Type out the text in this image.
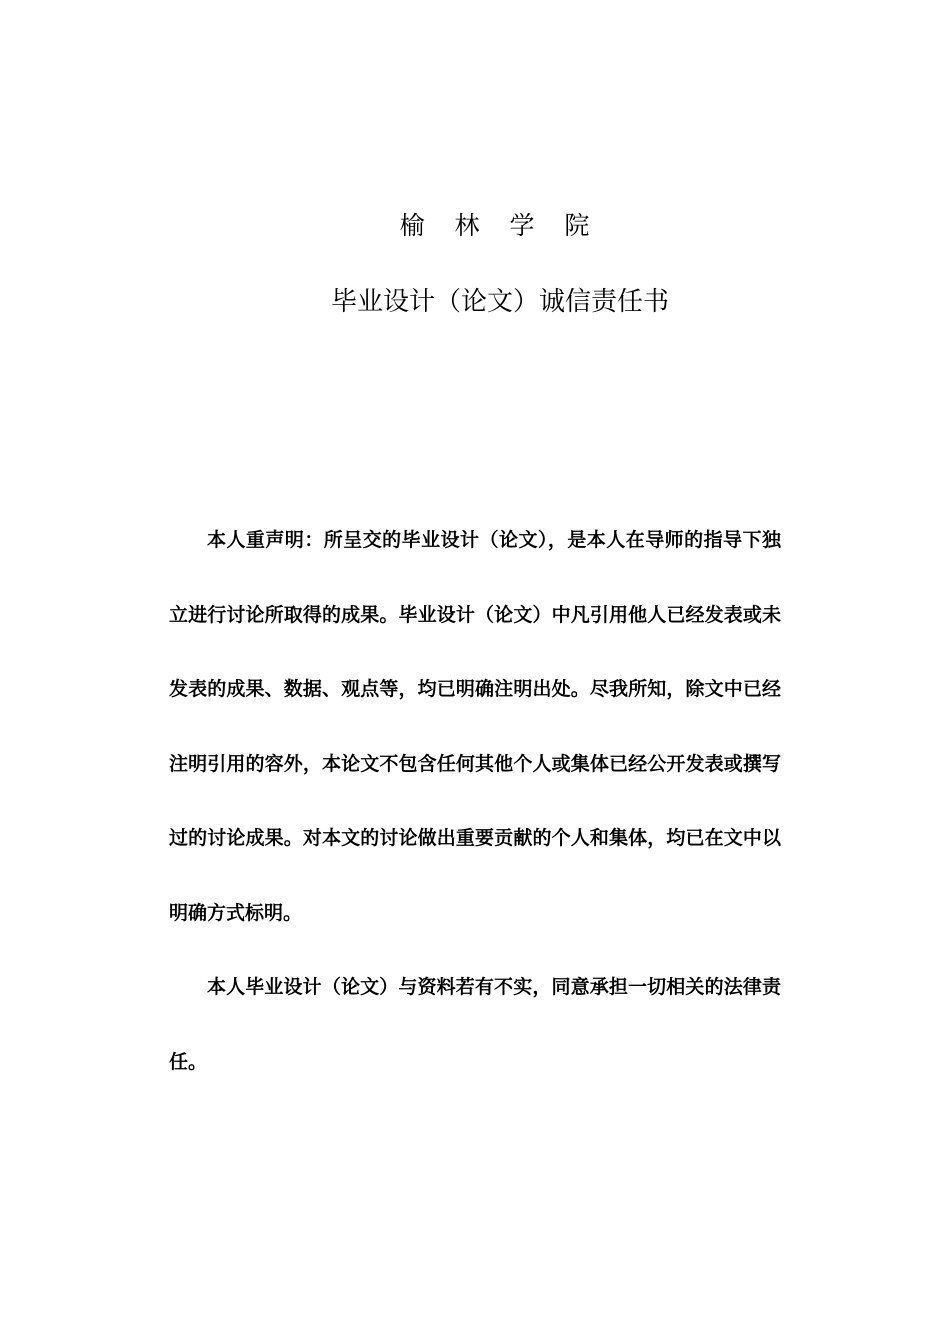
榆 林 学 院
毕业设计（论文）诚信责任书

本人重声明：所呈交的毕业设计（论文），是本人在导师的指导下独立进行讨论所取得的成果。毕业设计（论文）中凡引用他人已经发表或未发表的成果、数据、观点等，均已明确注明出处。尽我所知，除文中已经注明引用的容外，本论文不包含任何其他个人或集体已经公开发表或撰写过的讨论成果。对本文的讨论做出重要贡献的个人和集体，均已在文中以明确方式标明。

本人毕业设计（论文）与资料若有不实，同意承担一切相关的法律责任。
